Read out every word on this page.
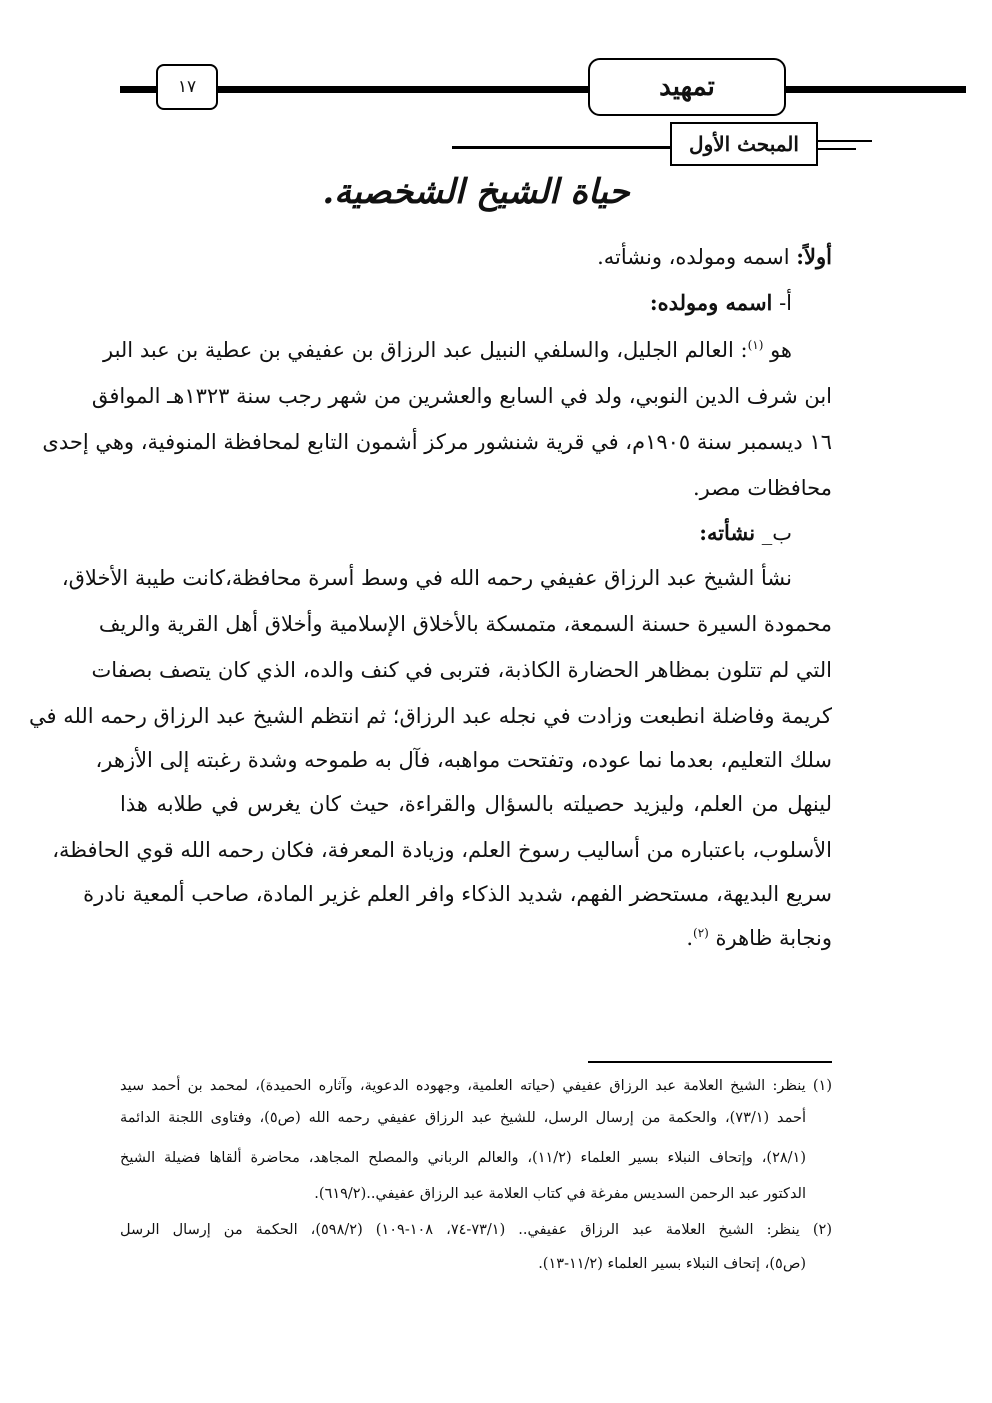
١٧	تمهيد
المبحث الأول
حياة الشيخ الشخصية.
أولاً: اسمه ومولده، ونشأته.
أ- اسمه ومولده:
هو $^{(١)}$: العالم الجليل، والسلفي النبيل عبد الرزاق بن عفيفي بن عطية بن عبد البر
ابن شرف الدين النوبي، ولد في السابع والعشرين من شهر رجب سنة ١٣٢٣هـ الموافق
١٦ ديسمبر سنة ١٩٠٥م، في قرية شنشور مركز أشمون التابع لمحافظة المنوفية، وهي إحدى
محافظات مصر.
ب_ نشأته:
نشأ الشيخ عبد الرزاق عفيفي رحمه الله في وسط أسرة محافظة،كانت طيبة الأخلاق،
محمودة السيرة حسنة السمعة، متمسكة بالأخلاق الإسلامية وأخلاق أهل القرية والريف
التي لم تتلون بمظاهر الحضارة الكاذبة، فتربى في كنف والده، الذي كان يتصف بصفات
كريمة وفاضلة انطبعت وزادت في نجله عبد الرزاق؛ ثم انتظم الشيخ عبد الرزاق رحمه الله في
سلك التعليم، بعدما نما عوده، وتفتحت مواهبه، فآل به طموحه وشدة رغبته إلى الأزهر،
لينهل من العلم، وليزيد حصيلته بالسؤال والقراءة، حيث كان يغرس في طلابه هذا
الأسلوب، باعتباره من أساليب رسوخ العلم، وزيادة المعرفة، فكان رحمه الله قوي الحافظة،
سريع البديهة، مستحضر الفهم، شديد الذكاء وافر العلم غزير المادة، صاحب ألمعية نادرة
ونجابة ظاهرة $^{(٢)}$.
(١) ينظر: الشيخ العلامة عبد الرزاق عفيفي (حياته العلمية، وجهوده الدعوية، وآثاره الحميدة)، لمحمد بن أحمد سيد
أحمد (٧٣/١)، والحكمة من إرسال الرسل، للشيخ عبد الرزاق عفيفي رحمه الله (ص٥)، وفتاوى اللجنة الدائمة
(٢٨/١)، وإتحاف النبلاء بسير العلماء (١١/٢)، والعالم الرباني والمصلح المجاهد، محاضرة ألقاها فضيلة الشيخ
الدكتور عبد الرحمن السديس مفرغة في كتاب العلامة عبد الرزاق عفيفي..(٦١٩/٢).
(٢) ينظر: الشيخ العلامة عبد الرزاق عفيفي.. (٧٣/١-٧٤، ١٠٨-١٠٩) (٥٩٨/٢)، الحكمة من إرسال الرسل
(ص٥)، إتحاف النبلاء بسير العلماء (١١/٢-١٣).
